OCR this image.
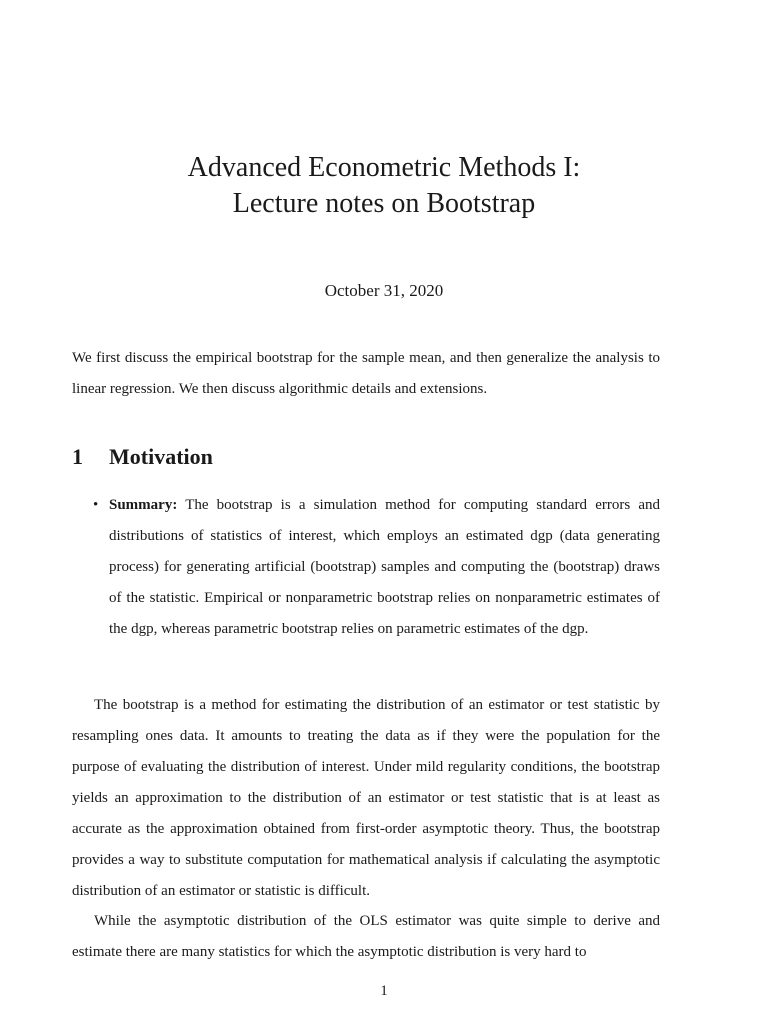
Advanced Econometric Methods I:
Lecture notes on Bootstrap
October 31, 2020

We first discuss the empirical bootstrap for the sample mean, and then generalize the analysis to linear regression. We then discuss algorithmic details and extensions.

1 Motivation
• Summary: The bootstrap is a simulation method for computing standard errors and distributions of statistics of interest, which employs an estimated dgp (data generating process) for generating artificial (bootstrap) samples and computing the (bootstrap) draws of the statistic. Empirical or nonparametric bootstrap relies on nonparametric estimates of the dgp, whereas parametric bootstrap relies on parametric estimates of the dgp.

The bootstrap is a method for estimating the distribution of an estimator or test statistic by resampling ones data. It amounts to treating the data as if they were the population for the purpose of evaluating the distribution of interest. Under mild regularity conditions, the bootstrap yields an approximation to the distribution of an estimator or test statistic that is at least as accurate as the approximation obtained from first-order asymptotic theory. Thus, the bootstrap provides a way to substitute computation for mathematical analysis if calculating the asymptotic distribution of an estimator or statistic is difficult.

While the asymptotic distribution of the OLS estimator was quite simple to derive and estimate there are many statistics for which the asymptotic distribution is very hard to

1
